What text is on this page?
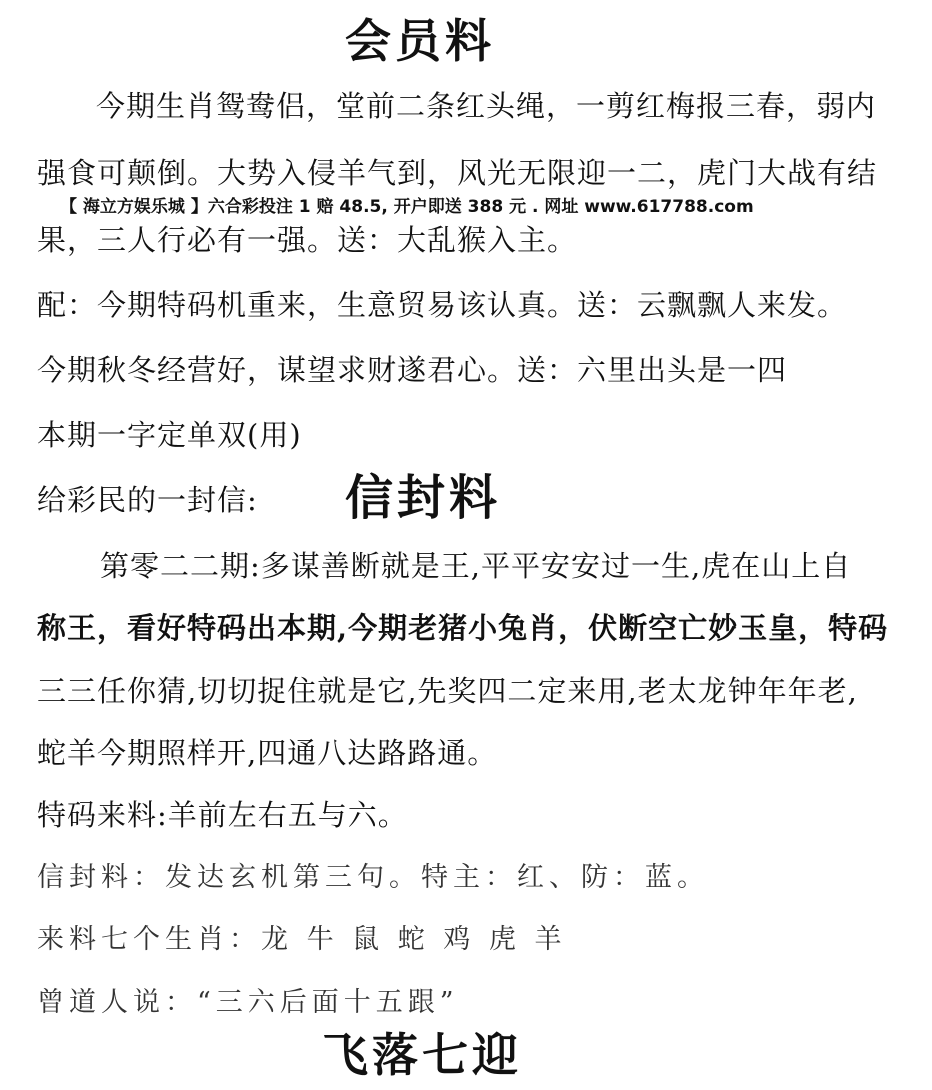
会员料
今期生肖鸳鸯侣，堂前二条红头绳，一剪红梅报三春，弱内
强食可颠倒。大势入侵羊气到，风光无限迎一二，虎门大战有结
【 海立方娱乐城 】六合彩投注 1 赔 48.5, 开户即送 388 元 . 网址 www.617788.com
果，三人行必有一强。送：大乱猴入主。
配：今期特码机重来，生意贸易该认真。送：云飘飘人来发。
今期秋冬经营好，谋望求财遂君心。送：六里出头是一四
本期一字定单双(用)
给彩民的一封信: 信封料
第零二二期:多谋善断就是王,平平安安过一生,虎在山上自
称王，看好特码出本期,今期老猪小兔肖，伏断空亡妙玉皇，特码
三三任你猜,切切捉住就是它,先奖四二定来用,老太龙钟年年老,
蛇羊今期照样开,四通八达路路通。
特码来料:羊前左右五与六。
信封料：发达玄机第三句。特主：红、防：蓝。
来料七个生肖：龙 牛 鼠 蛇 鸡 虎 羊
曾道人说：“三六后面十五跟”
飞落七迎
